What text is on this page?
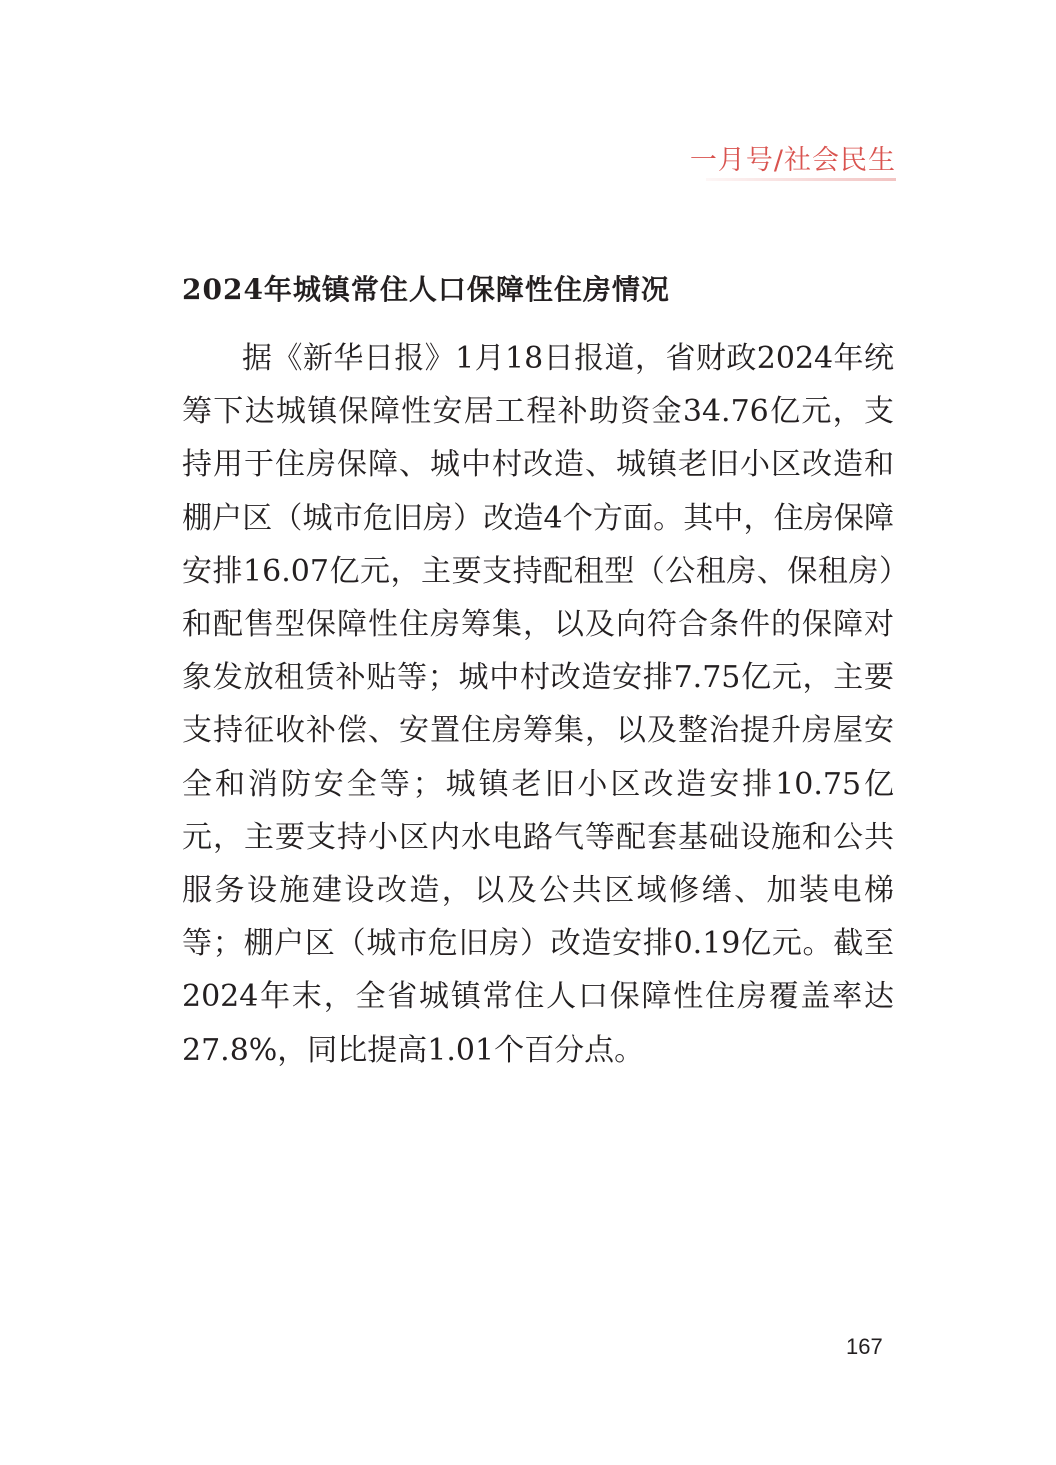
一月号/社会民生
2024年城镇常住人口保障性住房情况

据《新华日报》1月18日报道，省财政2024年统筹下达城镇保障性安居工程补助资金34.76亿元，支持用于住房保障、城中村改造、城镇老旧小区改造和棚户区（城市危旧房）改造4个方面。其中，住房保障安排16.07亿元，主要支持配租型（公租房、保租房）和配售型保障性住房筹集，以及向符合条件的保障对象发放租赁补贴等；城中村改造安排7.75亿元，主要支持征收补偿、安置住房筹集，以及整治提升房屋安全和消防安全等；城镇老旧小区改造安排10.75亿元，主要支持小区内水电路气等配套基础设施和公共服务设施建设改造，以及公共区域修缮、加装电梯等；棚户区（城市危旧房）改造安排0.19亿元。截至2024年末，全省城镇常住人口保障性住房覆盖率达27.8%，同比提高1.01个百分点。

167
